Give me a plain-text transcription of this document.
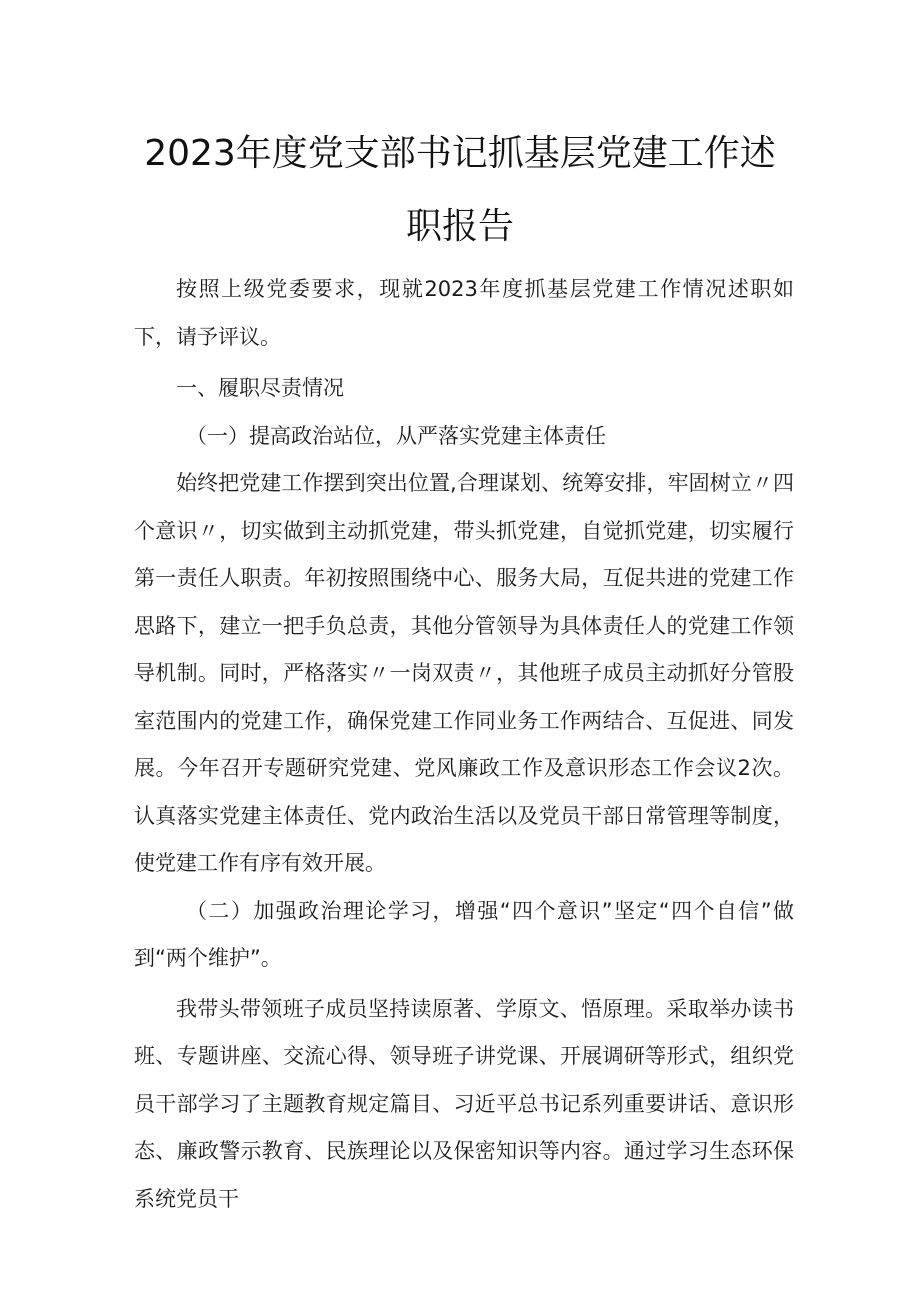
2023年度党支部书记抓基层党建工作述
职报告

按照上级党委要求，现就2023年度抓基层党建工作情况述职如下，请予评议。

一、履职尽责情况

（一）提高政治站位，从严落实党建主体责任

始终把党建工作摆到突出位置,合理谋划、统筹安排，牢固树立〃四个意识〃，切实做到主动抓党建，带头抓党建，自觉抓党建，切实履行第一责任人职责。年初按照围绕中心、服务大局，互促共进的党建工作思路下，建立一把手负总责，其他分管领导为具体责任人的党建工作领导机制。同时，严格落实〃一岗双责〃，其他班子成员主动抓好分管股室范围内的党建工作，确保党建工作同业务工作两结合、互促进、同发展。今年召开专题研究党建、党风廉政工作及意识形态工作会议2次。认真落实党建主体责任、党内政治生活以及党员干部日常管理等制度，使党建工作有序有效开展。

（二）加强政治理论学习，增强“四个意识”坚定“四个自信”做到“两个维护”。

我带头带领班子成员坚持读原著、学原文、悟原理。采取举办读书班、专题讲座、交流心得、领导班子讲党课、开展调研等形式，组织党员干部学习了主题教育规定篇目、习近平总书记系列重要讲话、意识形态、廉政警示教育、民族理论以及保密知识等内容。通过学习生态环保系统党员干
